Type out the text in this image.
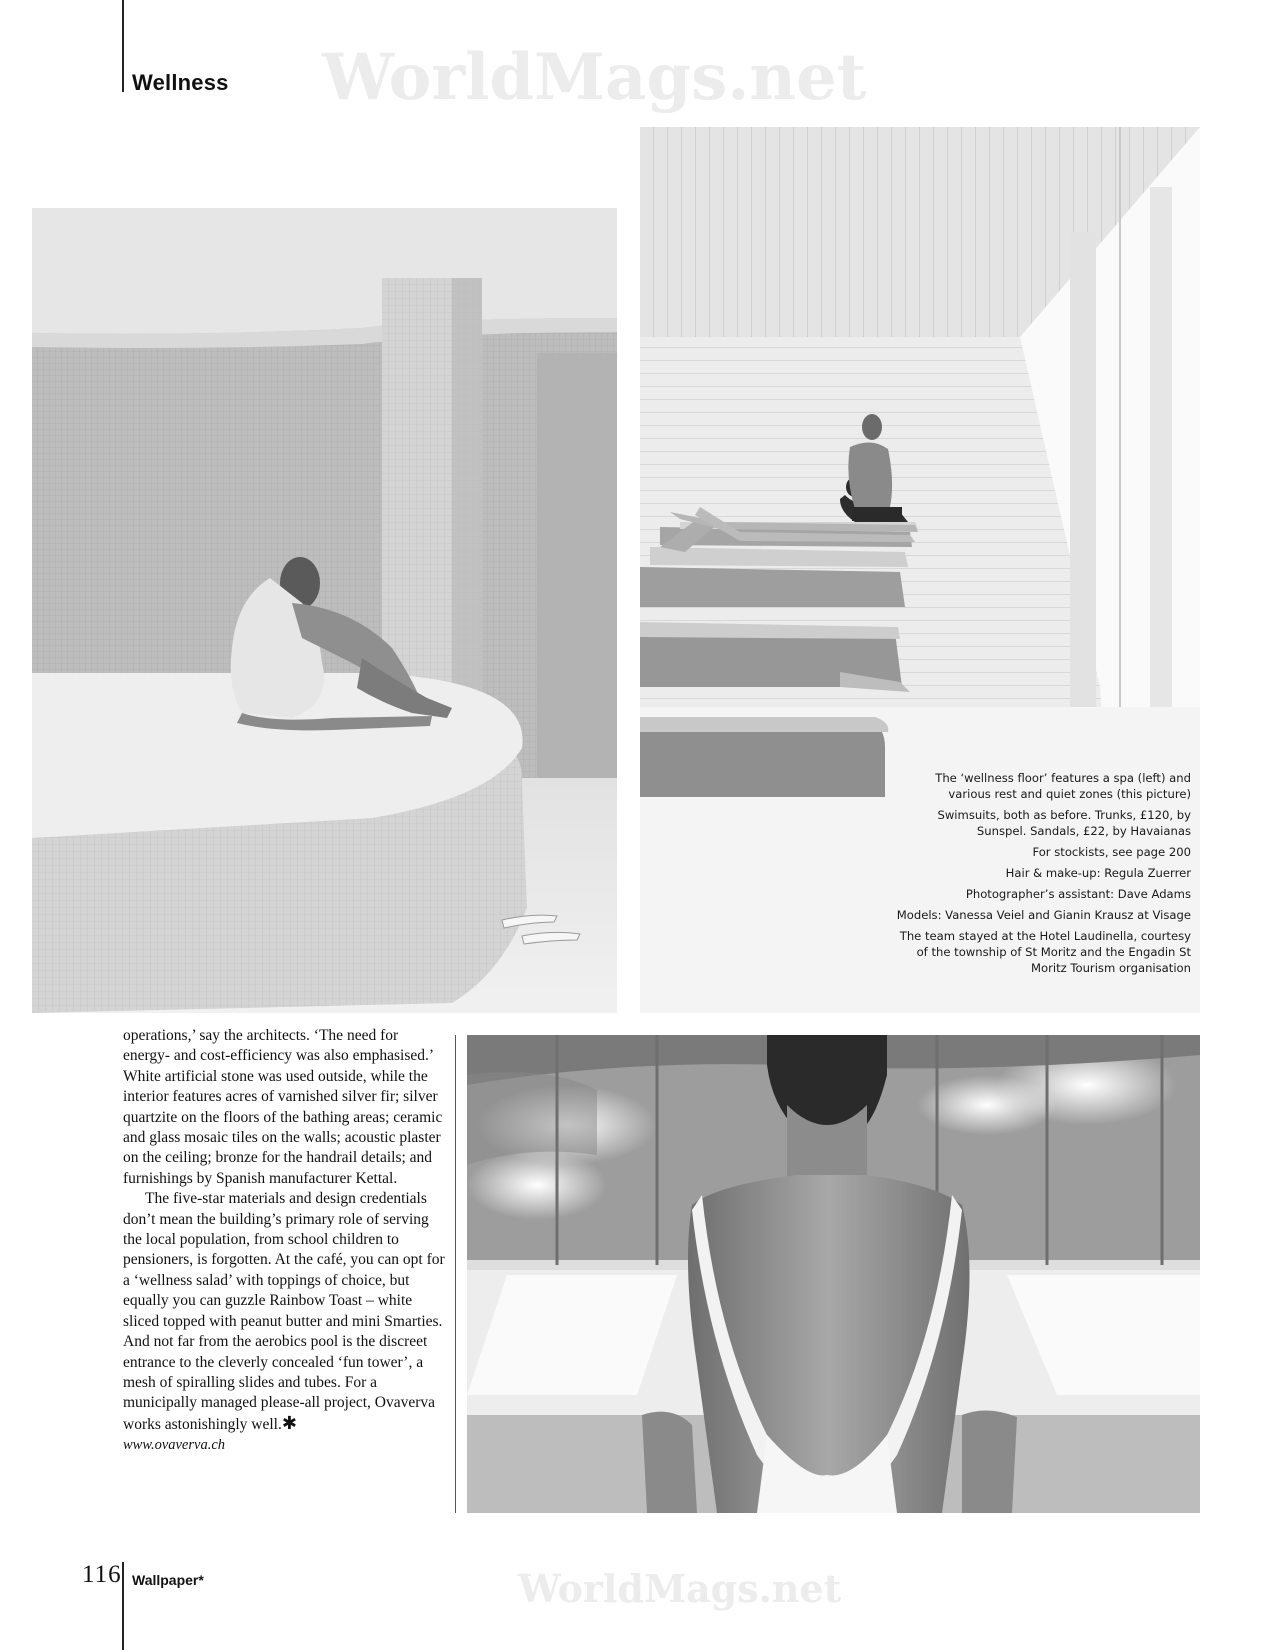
Wellness WorldMags.net

The ‘wellness floor’ features a spa (left) and various rest and quiet zones (this picture)

Swimsuits, both as before. Trunks, £120, by Sunspel. Sandals, £22, by Havaianas

For stockists, see page 200

Hair & make-up: Regula Zuerrer

Photographer’s assistant: Dave Adams

Models: Vanessa Veiel and Gianin Krausz at Visage

The team stayed at the Hotel Laudinella, courtesy of the township of St Moritz and the Engadin St Moritz Tourism organisation

operations,’ say the architects. ‘The need for energy- and cost-efficiency was also emphasised.’ White artificial stone was used outside, while the interior features acres of varnished silver fir; silver quartzite on the floors of the bathing areas; ceramic and glass mosaic tiles on the walls; acoustic plaster on the ceiling; bronze for the handrail details; and furnishings by Spanish manufacturer Kettal.

The five-star materials and design credentials don’t mean the building’s primary role of serving the local population, from school children to pensioners, is forgotten. At the café, you can opt for a ‘wellness salad’ with toppings of choice, but equally you can guzzle Rainbow Toast – white sliced topped with peanut butter and mini Smarties. And not far from the aerobics pool is the discreet entrance to the cleverly concealed ‘fun tower’, a mesh of spiralling slides and tubes. For a municipally managed please-all project, Ovaverva works astonishingly well.✱

www.ovaverva.ch

WorldMags.net
116 Wallpaper*
